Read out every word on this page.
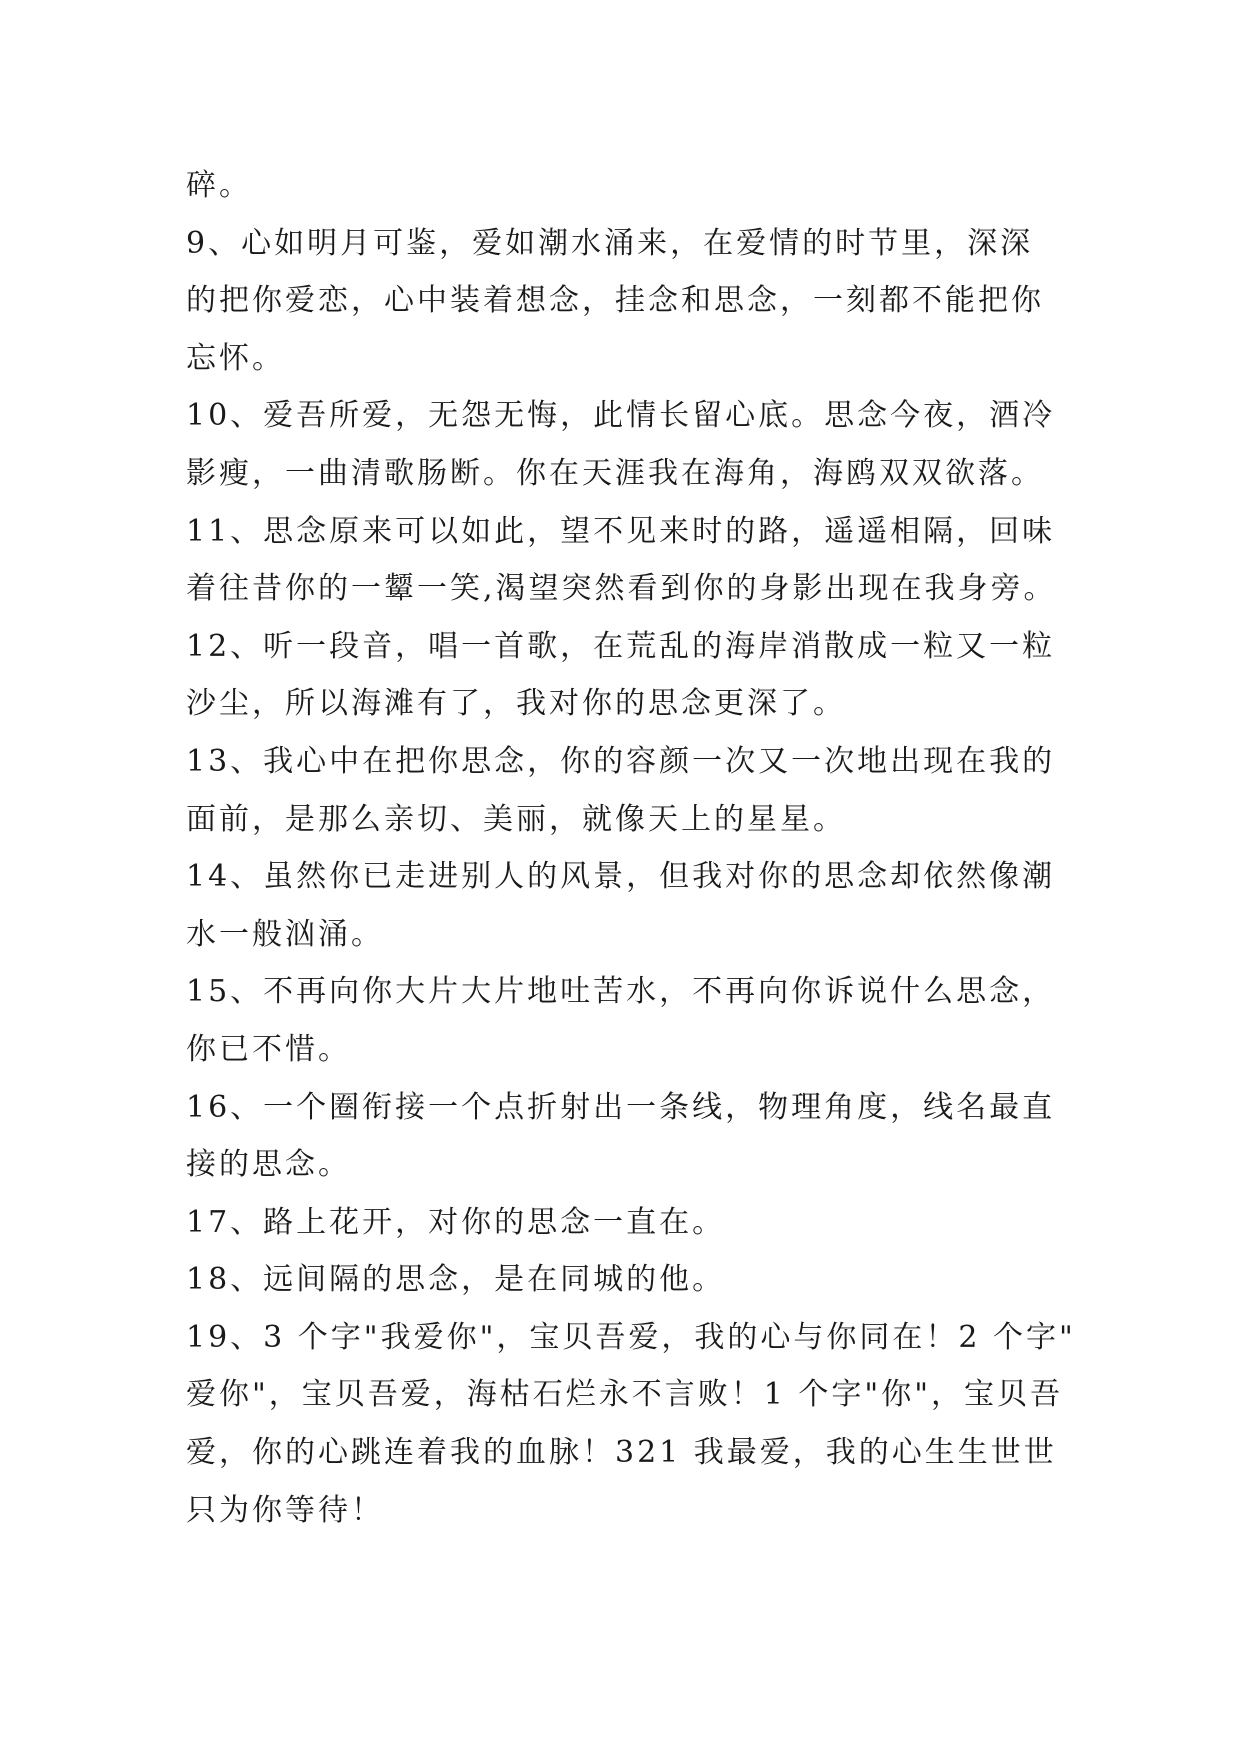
碎。

9、心如明月可鉴，爱如潮水涌来，在爱情的时节里，深深

的把你爱恋，心中装着想念，挂念和思念，一刻都不能把你

忘怀。

10、爱吾所爱，无怨无悔，此情长留心底。思念今夜，酒冷

影瘦，一曲清歌肠断。你在天涯我在海角，海鸥双双欲落。

11、思念原来可以如此，望不见来时的路，遥遥相隔，回味

着往昔你的一颦一笑,渴望突然看到你的身影出现在我身旁。

12、听一段音，唱一首歌，在荒乱的海岸消散成一粒又一粒

沙尘，所以海滩有了，我对你的思念更深了。

13、我心中在把你思念，你的容颜一次又一次地出现在我的

面前，是那么亲切、美丽，就像天上的星星。

14、虽然你已走进别人的风景，但我对你的思念却依然像潮

水一般汹涌。

15、不再向你大片大片地吐苦水，不再向你诉说什么思念，

你已不惜。

16、一个圈衔接一个点折射出一条线，物理角度，线名最直

接的思念。

17、路上花开，对你的思念一直在。

18、远间隔的思念，是在同城的他。

19、3 个字"我爱你"，宝贝吾爱，我的心与你同在！2 个字"

爱你"，宝贝吾爱，海枯石烂永不言败！1 个字"你"，宝贝吾

爱，你的心跳连着我的血脉！321 我最爱，我的心生生世世

只为你等待！
